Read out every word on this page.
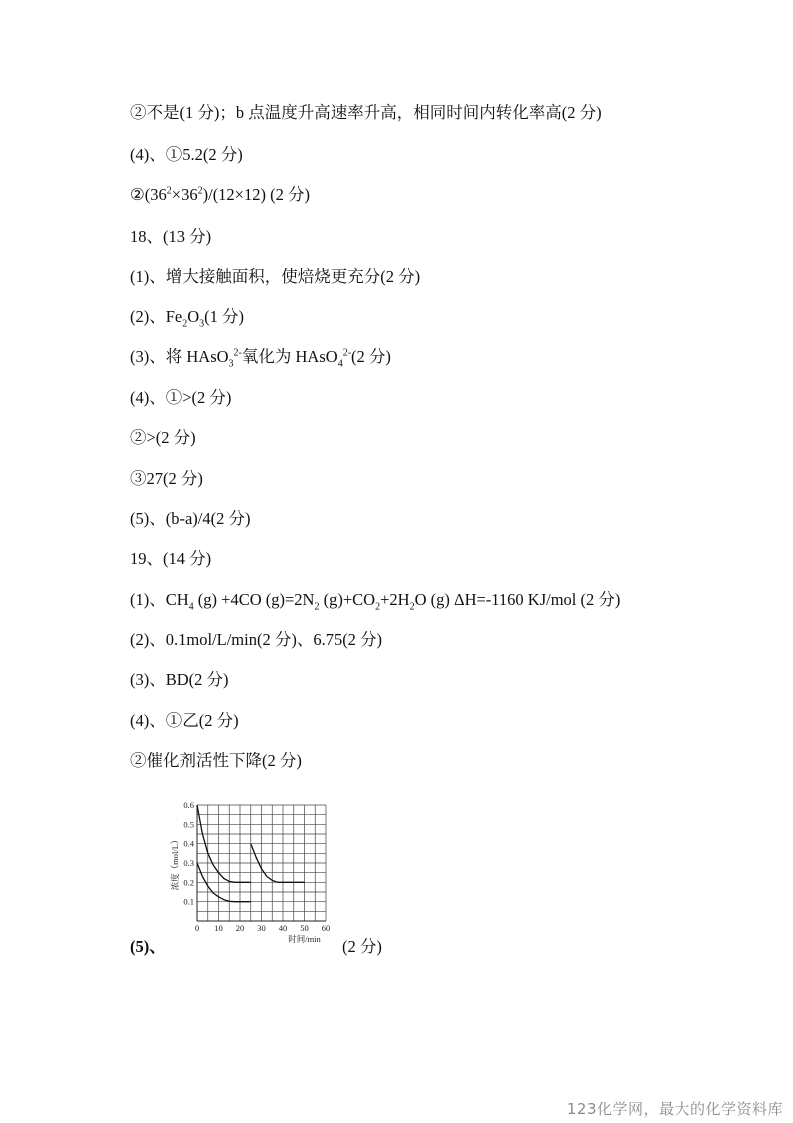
②不是(1 分)；b 点温度升高速率升高，相同时间内转化率高(2 分)
(4)、①5.2(2 分)
$②(36^2\times 36^2)/(12\times 12)$ (2 分)
18、(13 分)
(1)、增大接触面积，使焙烧更充分(2 分)
(2)、$Fe_2O_3(1$ 分)
(3)、将 HAsO$_3^{2-}$氧化为 HAsO$_4^{2-}$(2 分)
(4)、①>(2 分)
②>(2 分)
③27(2 分)
(5)、(b-a)/4(2 分)
19、(14 分)
(1)、$CH_4$ (g) +4CO $(g)=2N_2$ $(g)+CO_2+2H_2O$ (g) ΔH=-1160 KJ/mol (2 分)
(2)、0.1mol/L/min(2 分)、6.75(2 分)
(3)、BD(2 分)
(4)、①乙(2 分)
②催化剂活性下降(2 分)
0 10 20 30 40 50 60
0.1
0.2
0.3
0.4
0.5
0.6
时间/min
浓度（mol/L）
(5)、	(2 分)
123化学网，最大的化学资料库
